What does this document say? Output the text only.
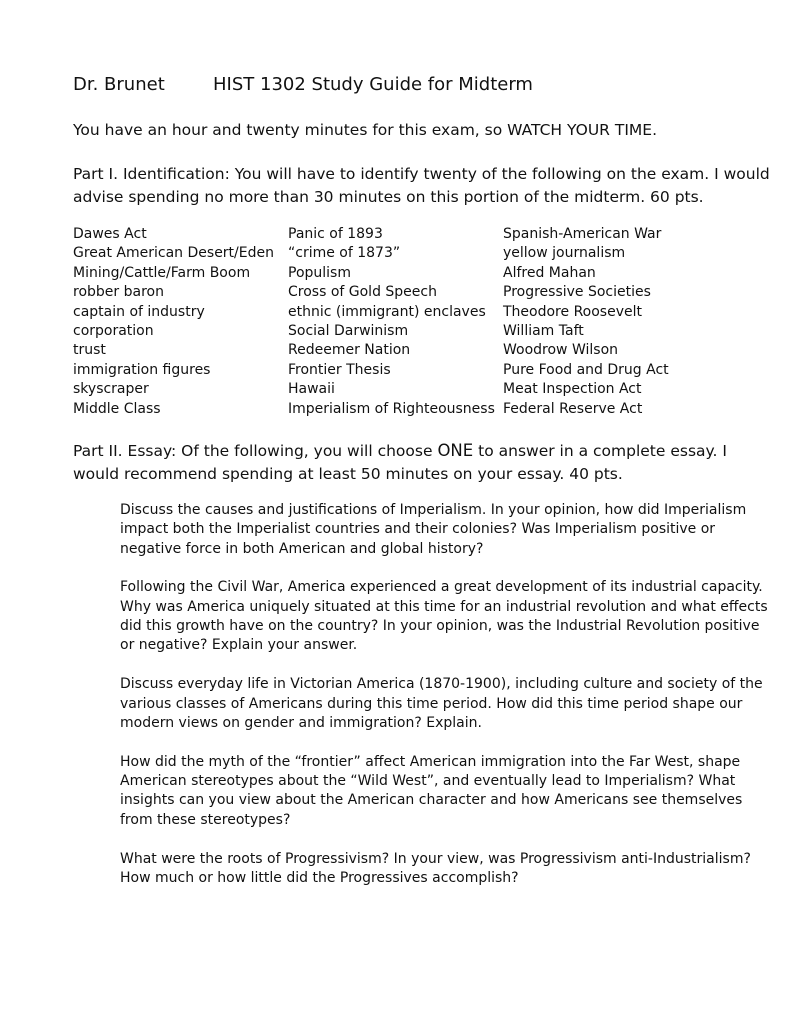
Dr. Brunet	HIST 1302 Study Guide for Midterm
You have an hour and twenty minutes for this exam, so WATCH YOUR TIME.
Part I. Identification: You will have to identify twenty of the following on the exam. I would
advise spending no more than 30 minutes on this portion of the midterm. 60 pts.
Dawes Act
Great American Desert/Eden
Mining/Cattle/Farm Boom
robber baron
captain of industry
corporation
trust
immigration figures
skyscraper
Middle Class
Panic of 1893
“crime of 1873”
Populism
Cross of Gold Speech
ethnic (immigrant) enclaves
Social Darwinism
Redeemer Nation
Frontier Thesis
Hawaii
Imperialism of Righteousness
Spanish-American War
yellow journalism
Alfred Mahan
Progressive Societies
Theodore Roosevelt
William Taft
Woodrow Wilson
Pure Food and Drug Act
Meat Inspection Act
Federal Reserve Act
Part II. Essay: Of the following, you will choose ONE to answer in a complete essay. I
would recommend spending at least 50 minutes on your essay. 40 pts.
Discuss the causes and justifications of Imperialism. In your opinion, how did Imperialism
impact both the Imperialist countries and their colonies? Was Imperialism positive or
negative force in both American and global history?
Following the Civil War, America experienced a great development of its industrial capacity.
Why was America uniquely situated at this time for an industrial revolution and what effects
did this growth have on the country? In your opinion, was the Industrial Revolution positive
or negative? Explain your answer.
Discuss everyday life in Victorian America (1870-1900), including culture and society of the
various classes of Americans during this time period. How did this time period shape our
modern views on gender and immigration? Explain.
How did the myth of the “frontier” affect American immigration into the Far West, shape
American stereotypes about the “Wild West”, and eventually lead to Imperialism? What
insights can you view about the American character and how Americans see themselves
from these stereotypes?
What were the roots of Progressivism? In your view, was Progressivism anti-Industrialism?
How much or how little did the Progressives accomplish?
